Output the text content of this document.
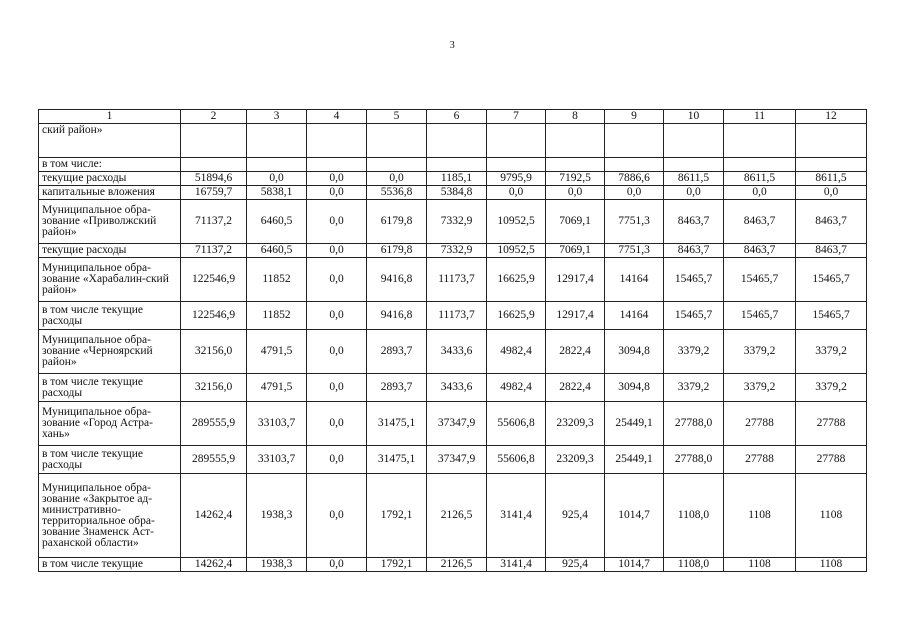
3
1	2	3	4	5	6	7	8	9	10	11	12
ский район»											
в том числе:											
текущие расходы	51894,6	0,0	0,0	0,0	1185,1	9795,9	7192,5	7886,6	8611,5	8611,5	8611,5
капитальные вложения	16759,7	5838,1	0,0	5536,8	5384,8	0,0	0,0	0,0	0,0	0,0	0,0
Муниципальное обра-зование «Приволжский район»	71137,2	6460,5	0,0	6179,8	7332,9	10952,5	7069,1	7751,3	8463,7	8463,7	8463,7
текущие расходы	71137,2	6460,5	0,0	6179,8	7332,9	10952,5	7069,1	7751,3	8463,7	8463,7	8463,7
Муниципальное обра-зование «Харабалин-ский район»	122546,9	11852	0,0	9416,8	11173,7	16625,9	12917,4	14164	15465,7	15465,7	15465,7
в том числе текущие расходы	122546,9	11852	0,0	9416,8	11173,7	16625,9	12917,4	14164	15465,7	15465,7	15465,7
Муниципальное обра-зование «Черноярский район»	32156,0	4791,5	0,0	2893,7	3433,6	4982,4	2822,4	3094,8	3379,2	3379,2	3379,2
в том числе текущие расходы	32156,0	4791,5	0,0	2893,7	3433,6	4982,4	2822,4	3094,8	3379,2	3379,2	3379,2
Муниципальное обра-зование «Город Астра-хань»	289555,9	33103,7	0,0	31475,1	37347,9	55606,8	23209,3	25449,1	27788,0	27788	27788
в том числе текущие расходы	289555,9	33103,7	0,0	31475,1	37347,9	55606,8	23209,3	25449,1	27788,0	27788	27788
Муниципальное обра-зование «Закрытое ад-министративно-территориальное обра-зование Знаменск Аст-раханской области»	14262,4	1938,3	0,0	1792,1	2126,5	3141,4	925,4	1014,7	1108,0	1108	1108
в том числе текущие	14262,4	1938,3	0,0	1792,1	2126,5	3141,4	925,4	1014,7	1108,0	1108	1108
